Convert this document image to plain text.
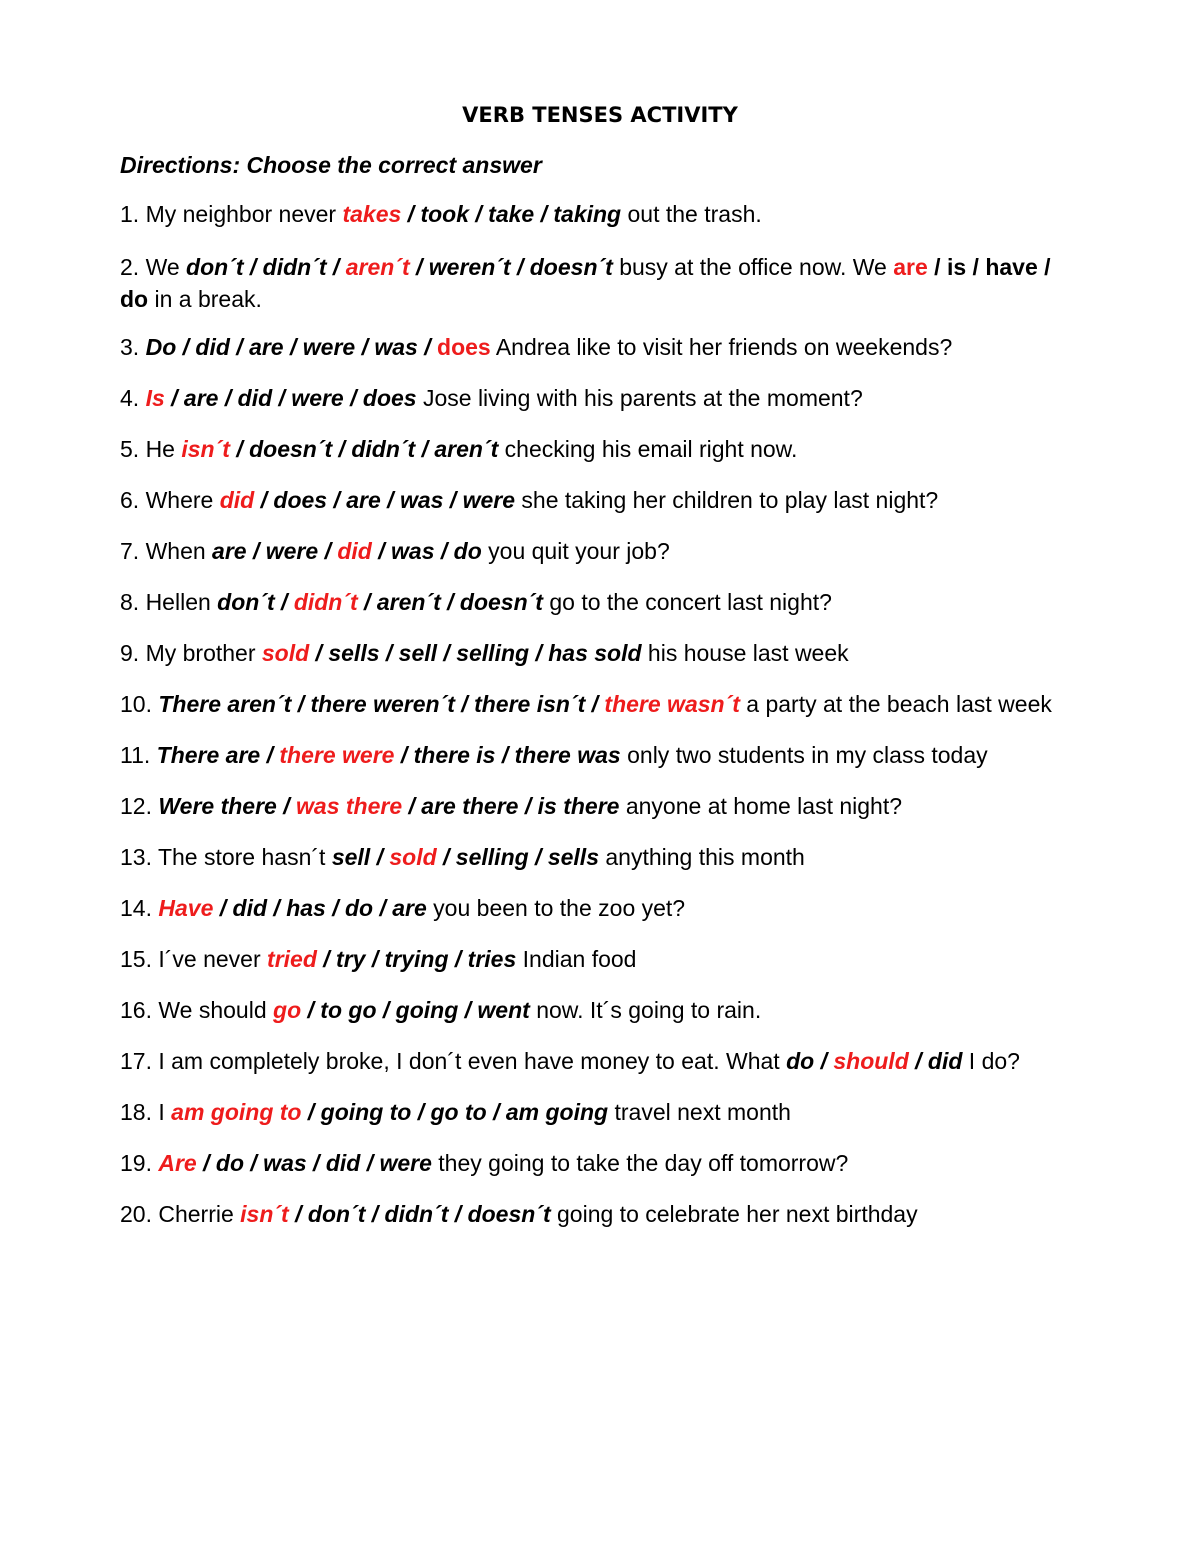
VERB TENSES ACTIVITY
Directions: Choose the correct answer
1. My neighbor never takes / took / take / taking out the trash.
2. We don´t / didn´t / aren´t / weren´t / doesn´t busy at the office now. We are / is / have / do in a break.
3. Do / did / are / were / was / does Andrea like to visit her friends on weekends?
4. Is / are / did / were / does Jose living with his parents at the moment?
5. He isn´t / doesn´t / didn´t / aren´t checking his email right now.
6. Where did / does / are / was / were she taking her children to play last night?
7. When are / were / did / was / do you quit your job?
8. Hellen don´t / didn´t / aren´t / doesn´t go to the concert last night?
9. My brother sold / sells / sell / selling / has sold his house last week
10. There aren´t / there weren´t / there isn´t / there wasn´t a party at the beach last week
11. There are / there were / there is / there was only two students in my class today
12. Were there / was there / are there / is there anyone at home last night?
13. The store hasn´t sell / sold / selling / sells anything this month
14. Have / did / has / do / are you been to the zoo yet?
15. I´ve never tried / try / trying / tries Indian food
16. We should go / to go / going / went now. It´s going to rain.
17. I am completely broke, I don´t even have money to eat. What do / should / did I do?
18. I am going to / going to / go to / am going travel next month
19. Are / do / was / did / were they going to take the day off tomorrow?
20. Cherrie isn´t / don´t / didn´t / doesn´t going to celebrate her next birthday
